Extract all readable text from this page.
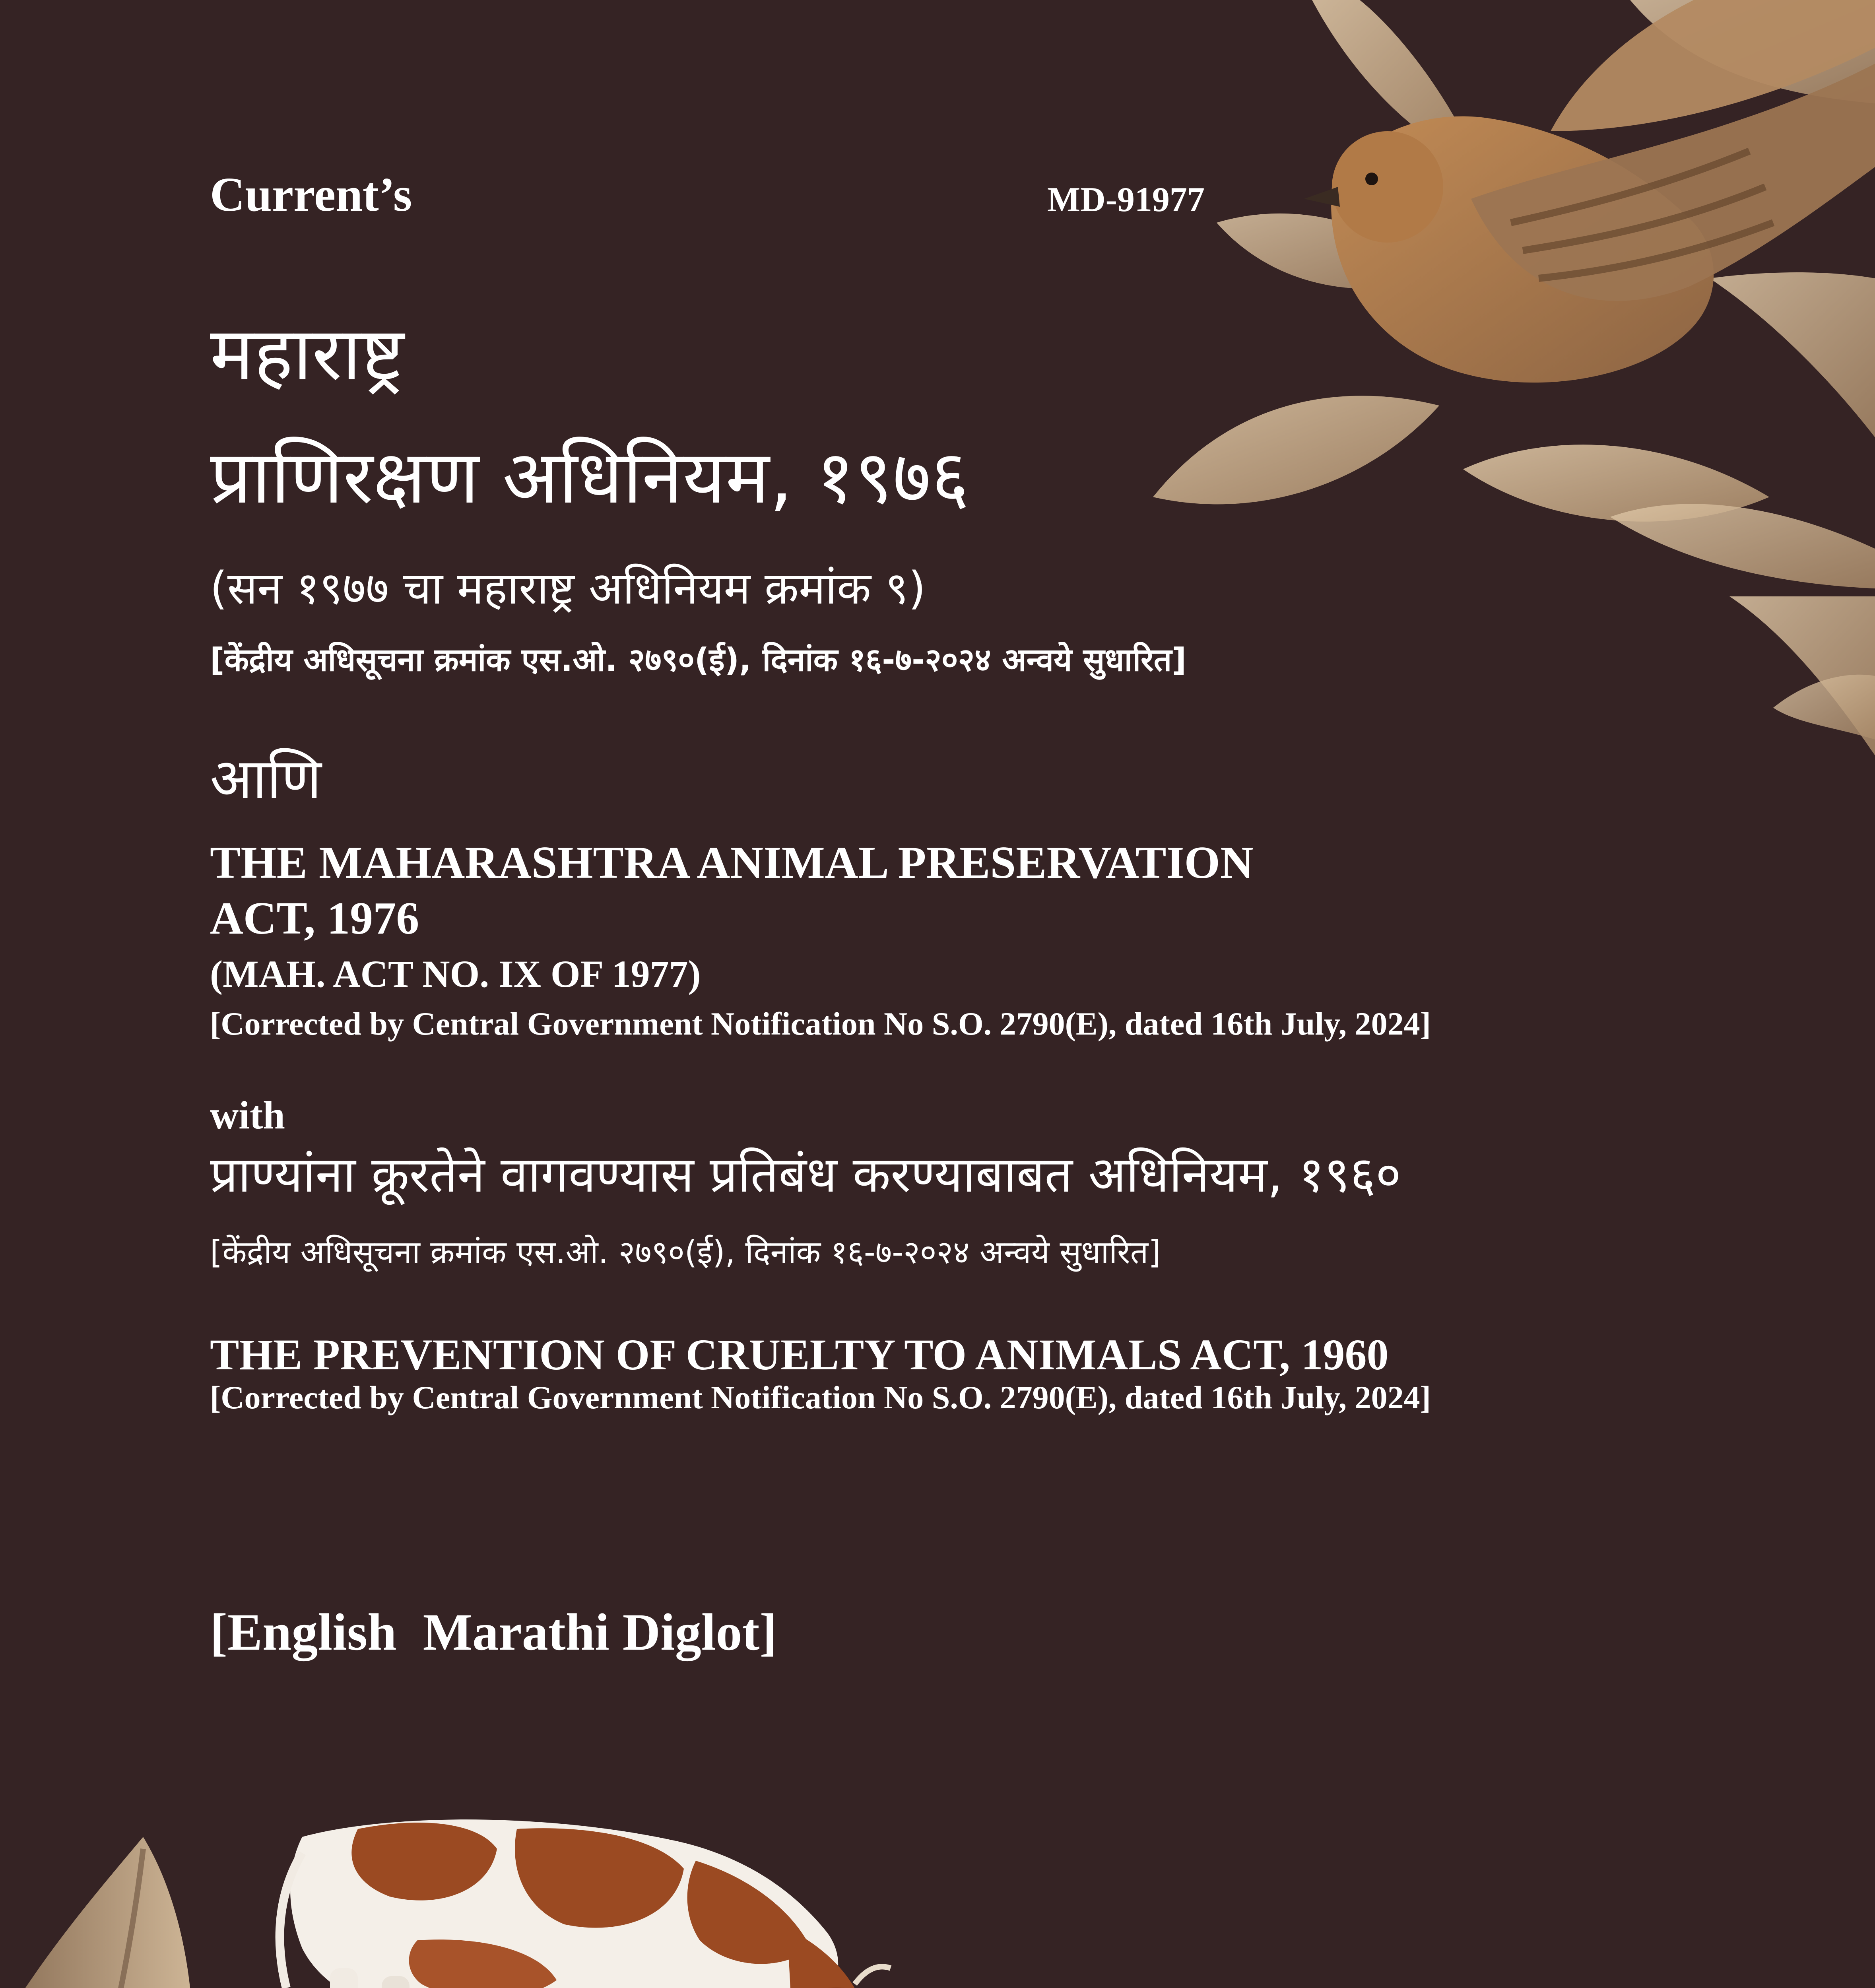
Current’s	MD-91977

महाराष्ट्र

प्राणिरक्षण अधिनियम, १९७६

(सन १९७७ चा महाराष्ट्र अधिनियम क्रमांक ९)

[केंद्रीय अधिसूचना क्रमांक एस.ओ. २७९०(ई), दिनांक १६-७-२०२४ अन्वये सुधारित]

आणि

THE MAHARASHTRA ANIMAL PRESERVATION

ACT, 1976

(MAH. ACT NO. IX OF 1977)

[Corrected by Central Government Notification No S.O. 2790(E), dated 16th July, 2024]

with

प्राण्यांना क्रूरतेने वागवण्यास प्रतिबंध करण्याबाबत अधिनियम, १९६०

[केंद्रीय अधिसूचना क्रमांक एस.ओ. २७९०(ई), दिनांक १६-७-२०२४ अन्वये सुधारित]

THE PREVENTION OF CRUELTY TO ANIMALS ACT, 1960

[Corrected by Central Government Notification No S.O. 2790(E), dated 16th July, 2024]

[English  Marathi Diglot]
